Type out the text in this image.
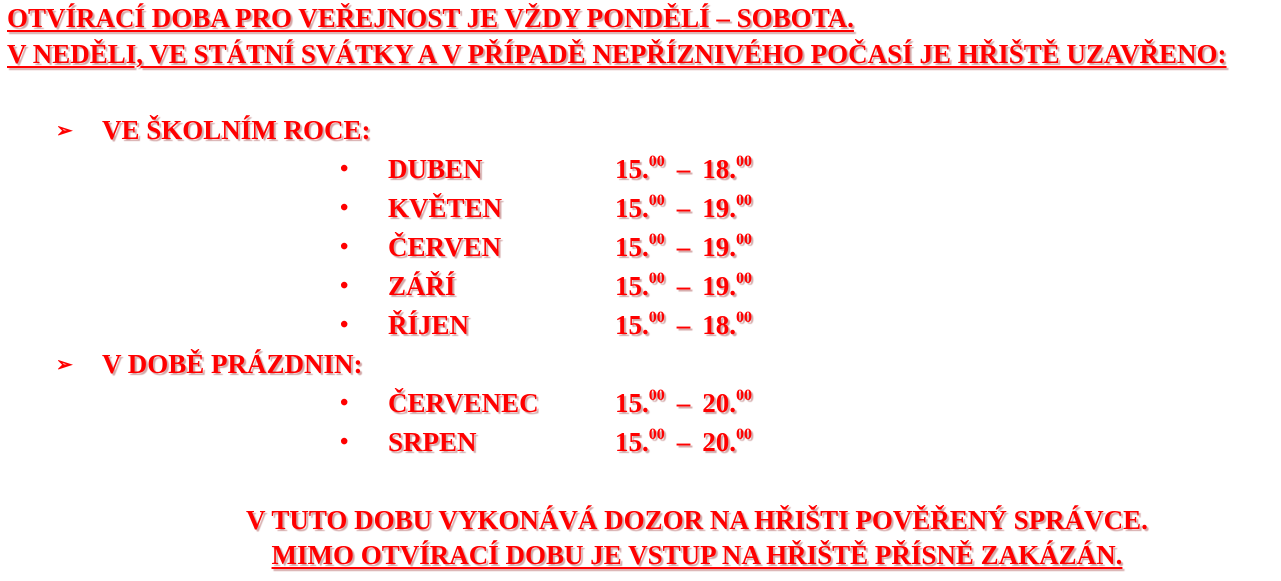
OTVÍRACÍ DOBA PRO VEŘEJNOST JE VŽDY PONDĚLÍ – SOBOTA.
V NEDĚLI, VE STÁTNÍ SVÁTKY A V PŘÍPADĚ NEPŘÍZNIVÉHO POČASÍ JE HŘIŠTĚ UZAVŘENO:
➢ VE ŠKOLNÍM ROCE:
• DUBEN	15.00 – 18.00
• KVĚTEN	15.00 – 19.00
• ČERVEN	15.00 – 19.00
• ZÁŘÍ	15.00 – 19.00
• ŘÍJEN	15.00 – 18.00
➢ V DOBĚ PRÁZDNIN:
• ČERVENEC	15.00 – 20.00
• SRPEN	15.00 – 20.00
V TUTO DOBU VYKONÁVÁ DOZOR NA HŘIŠTI POVĚŘENÝ SPRÁVCE.
MIMO OTVÍRACÍ DOBU JE VSTUP NA HŘIŠTĚ PŘÍSNĚ ZAKÁZÁN.
